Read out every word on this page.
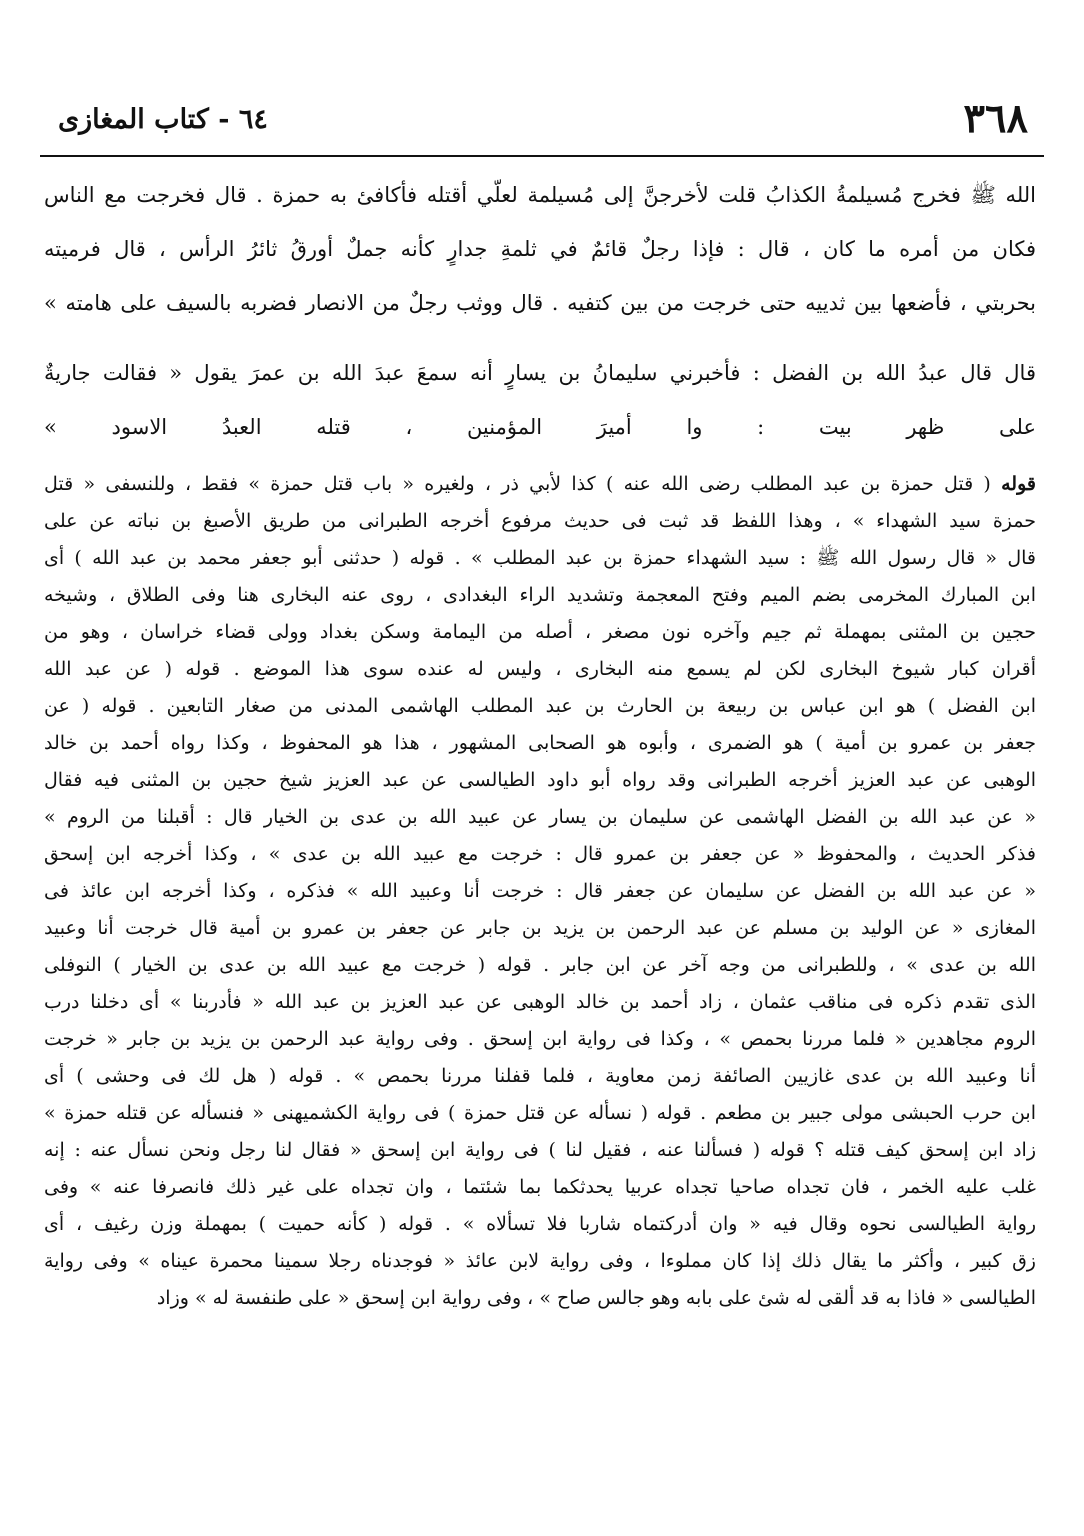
٣٦٨
٦٤ - كتاب المغازى
الله ﷺ فخرج مُسيلمةُ الكذابُ قلت لأخرجنَّ إلى مُسيلمة لعلّي أقتله فأكافئ به حمزة . قال فخرجت مع الناس
فكان من أمره ما كان ، قال : فإذا رجلٌ قائمٌ في ثلمةِ جدارٍ كأنه جملٌ أورقُ ثائرُ الرأس ، قال فرميته
بحربتي ، فأضعها بين ثدييه حتى خرجت من بين كتفيه . قال ووثب رجلٌ من الانصار فضربه بالسيف على هامته »
قال قال عبدُ الله بن الفضل : فأخبرني سليمانُ بن يسارٍ أنه سمعَ عبدَ الله بن عمرَ يقول « فقالت جاريةٌ
على ظهر بيت : وا أميرَ المؤمنين ، قتله العبدُ الاسود »
قوله ( قتل حمزة بن عبد المطلب رضى الله عنه ) كذا لأبي ذر ، ولغيره « باب قتل حمزة » فقط ، وللنسفى « قتل
حمزة سيد الشهداء » ، وهذا اللفظ قد ثبت فى حديث مرفوع أخرجه الطبرانى من طريق الأصبغ بن نباته عن على
قال « قال رسول الله ﷺ : سيد الشهداء حمزة بن عبد المطلب » . قوله ( حدثنى أبو جعفر محمد بن عبد الله ) أى
ابن المبارك المخرمى بضم الميم وفتح المعجمة وتشديد الراء البغدادى ، روى عنه البخارى هنا وفى الطلاق ، وشيخه
حجين بن المثنى بمهملة ثم جيم وآخره نون مصغر ، أصله من اليمامة وسكن بغداد وولى قضاء خراسان ، وهو من
أقران كبار شيوخ البخارى لكن لم يسمع منه البخارى ، وليس له عنده سوى هذا الموضع . قوله ( عن عبد الله
ابن الفضل ) هو ابن عباس بن ربيعة بن الحارث بن عبد المطلب الهاشمى المدنى من صغار التابعين . قوله ( عن
جعفر بن عمرو بن أمية ) هو الضمرى ، وأبوه هو الصحابى المشهور ، هذا هو المحفوظ ، وكذا رواه أحمد بن خالد
الوهبى عن عبد العزيز أخرجه الطبرانى وقد رواه أبو داود الطيالسى عن عبد العزيز شيخ حجين بن المثنى فيه فقال
« عن عبد الله بن الفضل الهاشمى عن سليمان بن يسار عن عبيد الله بن عدى بن الخيار قال : أقبلنا من الروم »
فذكر الحديث ، والمحفوظ « عن جعفر بن عمرو قال : خرجت مع عبيد الله بن عدى » ، وكذا أخرجه ابن إسحق
« عن عبد الله بن الفضل عن سليمان عن جعفر قال : خرجت أنا وعبيد الله » فذكره ، وكذا أخرجه ابن عائذ فى
المغازى « عن الوليد بن مسلم عن عبد الرحمن بن يزيد بن جابر عن جعفر بن عمرو بن أمية قال خرجت أنا وعبيد
الله بن عدى » ، وللطبرانى من وجه آخر عن ابن جابر . قوله ( خرجت مع عبيد الله بن عدى بن الخيار ) النوفلى
الذى تقدم ذكره فى مناقب عثمان ، زاد أحمد بن خالد الوهبى عن عبد العزيز بن عبد الله « فأدربنا » أى دخلنا درب
الروم مجاهدين « فلما مررنا بحمص » ، وكذا فى رواية ابن إسحق . وفى رواية عبد الرحمن بن يزيد بن جابر « خرجت
أنا وعبيد الله بن عدى غازيين الصائفة زمن معاوية ، فلما قفلنا مررنا بحمص » . قوله ( هل لك فى وحشى ) أى
ابن حرب الحبشى مولى جبير بن مطعم . قوله ( نسأله عن قتل حمزة ) فى رواية الكشميهنى « فنسأله عن قتله حمزة »
زاد ابن إسحق كيف قتله ؟ قوله ( فسألنا عنه ، فقيل لنا ) فى رواية ابن إسحق « فقال لنا رجل ونحن نسأل عنه : إنه
غلب عليه الخمر ، فان تجداه صاحيا تجداه عربيا يحدثكما بما شئتما ، وان تجداه على غير ذلك فانصرفا عنه » وفى
رواية الطيالسى نحوه وقال فيه « وان أدركتماه شاربا فلا تسألاه » . قوله ( كأنه حميت ) بمهملة وزن رغيف ، أى
زق كبير ، وأكثر ما يقال ذلك إذا كان مملوءا ، وفى رواية لابن عائذ « فوجدناه رجلا سمينا محمرة عيناه » وفى رواية
الطيالسى « فاذا به قد ألقى له شئ على بابه وهو جالس صاح » ، وفى رواية ابن إسحق « على طنفسة له » وزاد
